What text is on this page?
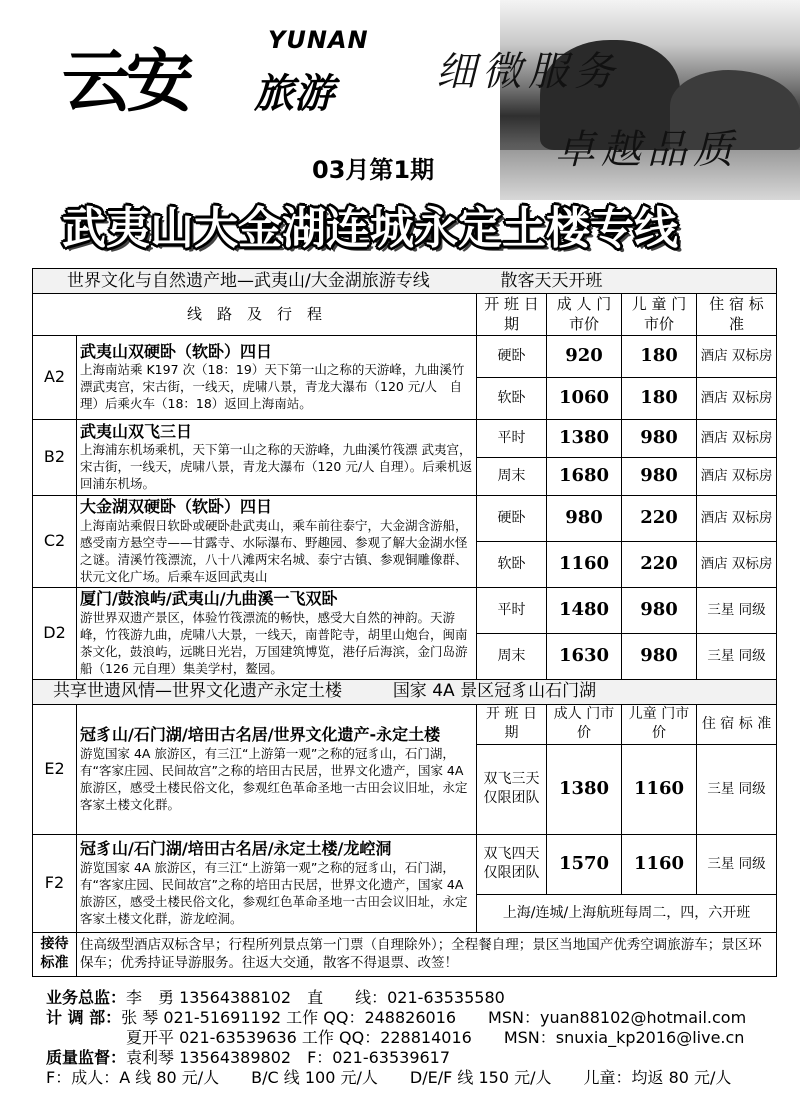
云安
YUNAN
旅游	细微服务
卓越品质
03月第1期
武夷山大金湖连城永定土楼专线
世界文化与自然遗产地—武夷山/大金湖旅游专线 散客天天开班					
线　路　及　行　程		开 班 日 期	成 人 门市价	儿 童 门市价	住 宿 标 准
A2	武夷山双硬卧（软卧）四日
上海南站乘 K197 次（18：19）天下第一山之称的天游峰，九曲溪竹漂武夷宫，宋古街，一线天，虎啸八景，青龙大瀑布（120 元/人　自理）后乘火车（18：18）返回上海南站。	硬卧	920	180	酒店 双标房
		软卧	1060	180	酒店 双标房
B2	武夷山双飞三日
上海浦东机场乘机，天下第一山之称的天游峰，九曲溪竹筏漂 武夷宫，宋古街，一线天，虎啸八景，青龙大瀑布（120 元/人 自理）。后乘机返回浦东机场。	平时	1380	980	酒店 双标房
		周末	1680	980	酒店 双标房
C2	大金湖双硬卧（软卧）四日
上海南站乘假日软卧或硬卧赴武夷山，乘车前往泰宁，大金湖含游船，感受南方悬空寺——甘露寺、水际瀑布、野趣园、参观了解大金湖水怪之谜。清溪竹筏漂流，八十八滩两宋名城、泰宁古镇、参观铜雕像群、状元文化广场。后乘车返回武夷山	硬卧	980	220	酒店 双标房
		软卧	1160	220	酒店 双标房
D2	厦门/鼓浪屿/武夷山/九曲溪一飞双卧
游世界双遗产景区，体验竹筏漂流的畅快，感受大自然的神韵。天游峰，竹筏游九曲，虎啸八大景，一线天，南普陀寺，胡里山炮台，闽南茶文化，鼓浪屿，远眺日光岩，万国建筑博览，港仔后海滨，金门岛游船（126 元自理）集美学村，鳌园。	平时	1480	980	三星 同级
		周末	1630	980	三星 同级
共享世遗风情—世界文化遗产永定土楼 国家 4A 景区冠豸山石门湖					
E2	冠豸山/石门湖/培田古名居/世界文化遗产-永定土楼
游览国家 4A 旅游区，有三江“上游第一观”之称的冠豸山，石门湖，有“客家庄园、民间故宫”之称的培田古民居，世界文化遗产，国家 4A 旅游区，感受土楼民俗文化，参观红色革命圣地一古田会议旧址，永定客家土楼文化群。	开 班 日 期	成人 门市价	儿童 门市价	住 宿 标 准
		双飞三天 仅限团队	1380	1160	三星 同级
F2	冠豸山/石门湖/培田古名居/永定土楼/龙崆洞
游览国家 4A 旅游区，有三江“上游第一观”之称的冠豸山，石门湖，有“客家庄园、民间故宫”之称的培田古民居，世界文化遗产，国家 4A 旅游区，感受土楼民俗文化，参观红色革命圣地一古田会议旧址，永定客家土楼文化群，游龙崆洞。	双飞四天 仅限团队	1570	1160	三星 同级
		上海/连城/上海航班每周二，四，六开班			
接待 标准	住高级型酒店双标含早；行程所列景点第一门票（自理除外）；全程餐自理；景区当地国产优秀空调旅游车；景区环保车；优秀持证导游服务。往返大交通，散客不得退票、改签！				
业务总监：李　勇 13564388102　直　　线：021-63535580
计 调 部：张 琴 021-51691192 工作 QQ：248826016　　MSN：yuan88102@hotmail.com
夏开平 021-63539636 工作 QQ：228814016　　MSN：snuxia_kp2016@live.cn
质量监督：袁利琴 13564389802　F：021-63539617
F：成人：A 线 80 元/人　　B/C 线 100 元/人　　D/E/F 线 150 元/人　　儿童：均返 80 元/人
